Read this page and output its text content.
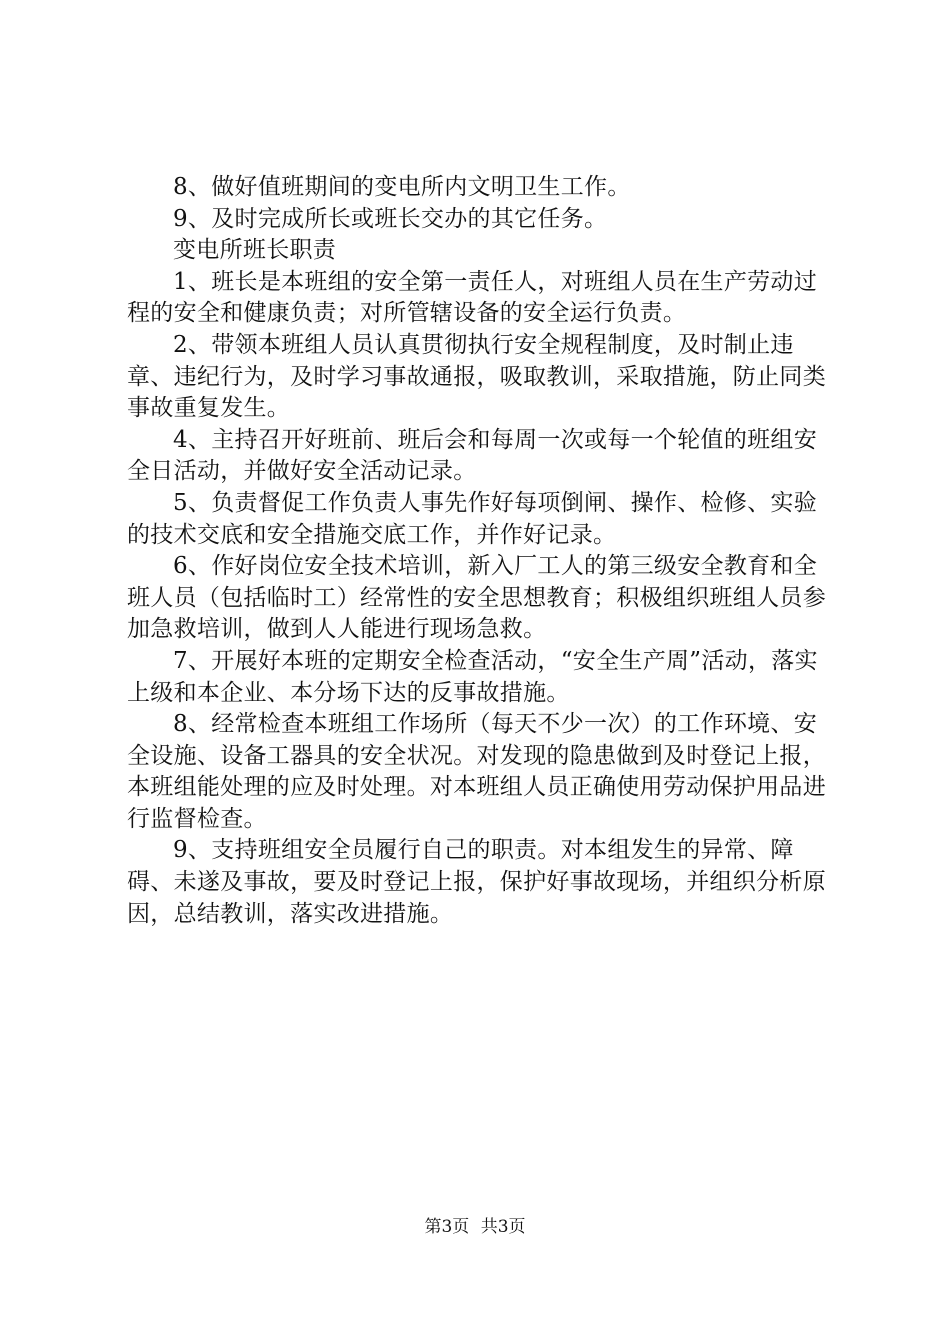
8、做好值班期间的变电所内文明卫生工作。

9、及时完成所长或班长交办的其它任务。

变电所班长职责

1、班长是本班组的安全第一责任人，对班组人员在生产劳动过程的安全和健康负责；对所管辖设备的安全运行负责。

2、带领本班组人员认真贯彻执行安全规程制度，及时制止违章、违纪行为，及时学习事故通报，吸取教训，采取措施，防止同类事故重复发生。

4、主持召开好班前、班后会和每周一次或每一个轮值的班组安全日活动，并做好安全活动记录。

5、负责督促工作负责人事先作好每项倒闸、操作、检修、实验的技术交底和安全措施交底工作，并作好记录。

6、作好岗位安全技术培训，新入厂工人的第三级安全教育和全班人员（包括临时工）经常性的安全思想教育；积极组织班组人员参加急救培训，做到人人能进行现场急救。

7、开展好本班的定期安全检查活动，“安全生产周”活动，落实上级和本企业、本分场下达的反事故措施。

8、经常检查本班组工作场所（每天不少一次）的工作环境、安全设施、设备工器具的安全状况。对发现的隐患做到及时登记上报，本班组能处理的应及时处理。对本班组人员正确使用劳动保护用品进行监督检查。

9、支持班组安全员履行自己的职责。对本组发生的异常、障碍、未遂及事故，要及时登记上报，保护好事故现场，并组织分析原因，总结教训，落实改进措施。

第3页 共3页
